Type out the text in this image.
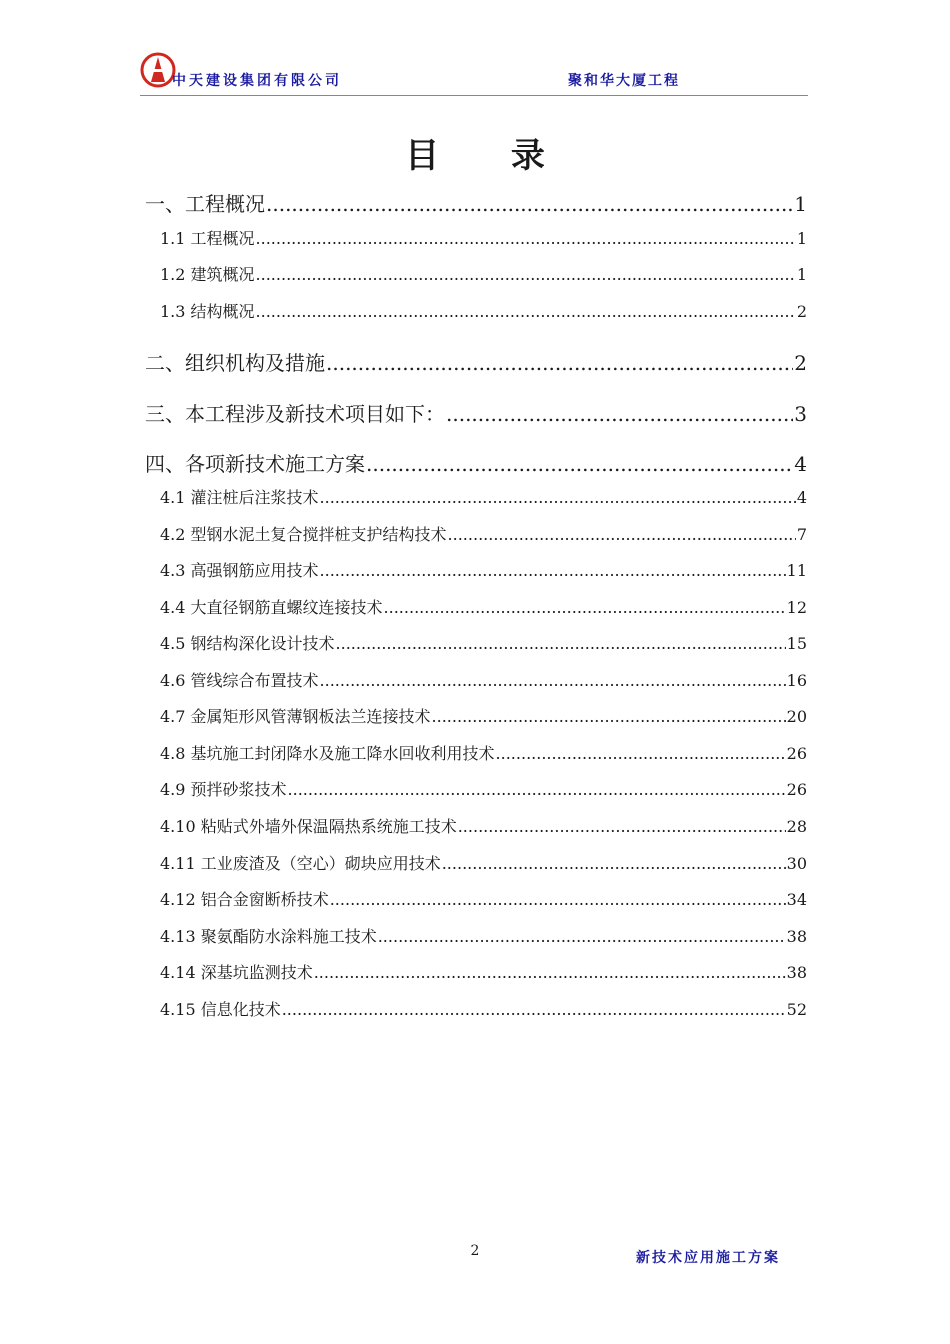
中天建设集团有限公司	聚和华大厦工程
目 录
一、工程概况 .....	1
1.1 工程概况 .....	1
1.2 建筑概况 .....	1
1.3 结构概况 .....	2
二、组织机构及措施 .....	2
三、本工程涉及新技术项目如下： .....	3
四、各项新技术施工方案 .....	4
4.1 灌注桩后注浆技术 .....	4
4.2 型钢水泥土复合搅拌桩支护结构技术 .....	7
4.3 高强钢筋应用技术 .....	11
4.4 大直径钢筋直螺纹连接技术 .....	12
4.5 钢结构深化设计技术 .....	15
4.6 管线综合布置技术 .....	16
4.7 金属矩形风管薄钢板法兰连接技术 .....	20
4.8 基坑施工封闭降水及施工降水回收利用技术 .....	26
4.9 预拌砂浆技术 .....	26
4.10 粘贴式外墙外保温隔热系统施工技术 .....	28
4.11 工业废渣及（空心）砌块应用技术 .....	30
4.12 铝合金窗断桥技术 .....	34
4.13 聚氨酯防水涂料施工技术 .....	38
4.14 深基坑监测技术 .....	38
4.15 信息化技术 .....	52
2	新技术应用施工方案
